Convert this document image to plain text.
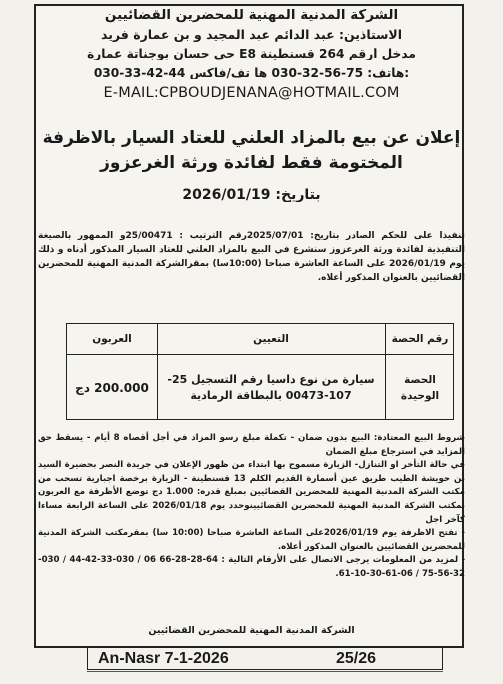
الشركة المدنية المهنية للمحضرين القضائيين
الاستاذين: عبد الدائم عبد المجيد و بن عمارة فريد
مدخل أرقم 264 قسنطينة E8 حي حسان بوجناتة عمارة
030-33-42-44 هاتف: 75-56-32-030 ها تف/فاكس:
E-MAIL:CPBOUDJENANA@HOTMAIL.COM
إعلان عن بيع بالمزاد العلني للعتاد السيار بالاظرفة
المختومة فقط لفائدة ورثة الغرعزوز
بتاريخ: 2026/01/19
تنفيذا على للحكم الصادر بتاريخ: 2025/07/01رقم الترتيب : 25/00471و الممهور بالصيغة التنفيذية لفائدة ورثة الغرعزوز سنشرع في البيع بالمزاد العلني للعتاد السيار المذكور أدناه و ذلك يوم 2026/01/19 على الساعة العاشرة صباحا (10:00سا) بمقرالشركة المدنية المهنية للمحضرين القضائيين بالعنوان المذكور أعلاه.
رقم الحصة
التعيين
العربون
الحصة الوحيدة
سيارة من نوع داسيا رقم التسجيل 25-107-00473 بالبطاقة الرمادية
200.000 دج

شروط البيع المعتادة: البيع بدون ضمان - تكملة مبلغ رسو المزاد في أجل أقصاه 8 أيام - يسقط حق المزايد في استرجاع مبلغ الضمان

في حالة التأخر او التنازل- الزيارة مسموح بها ابتداء من ظهور الإعلان في جريدة النصر بحضيرة السيد بن حويشة الطيب طريق عين أسمارة القديم الكلم 13 قسنطينة - الزيارة برخصة اجبارية تسحب من مكتب الشركة المدنية المهنية للمحضرين القضائيين بمبلغ قدره: 1.000 دج توضع الأظرفة مع العربون بمكتب الشركة المدنية المهنية للمحضرين القضائيينوحدد يوم 2026/01/18 على الساعة الرابعة مساءا كآخر اجل

- تفتح الاظرفة يوم 2026/01/19على الساعة العاشرة صباحا (10:00 سا) بمقرمكتب الشركة المدنية للمحضرين القضائيين بالعنوان المذكور أعلاه.

- لمزيد من المعلومات يرجى الاتصال على الأرقام التالية : 64-28-28-66 06 / 030-33-42-44 / 030-32-56-75 / 06-61-30-10-61.

الشركة المدنية المهنية للمحضرين القضائيين
An-Nasr 7-1-2026	25/26
